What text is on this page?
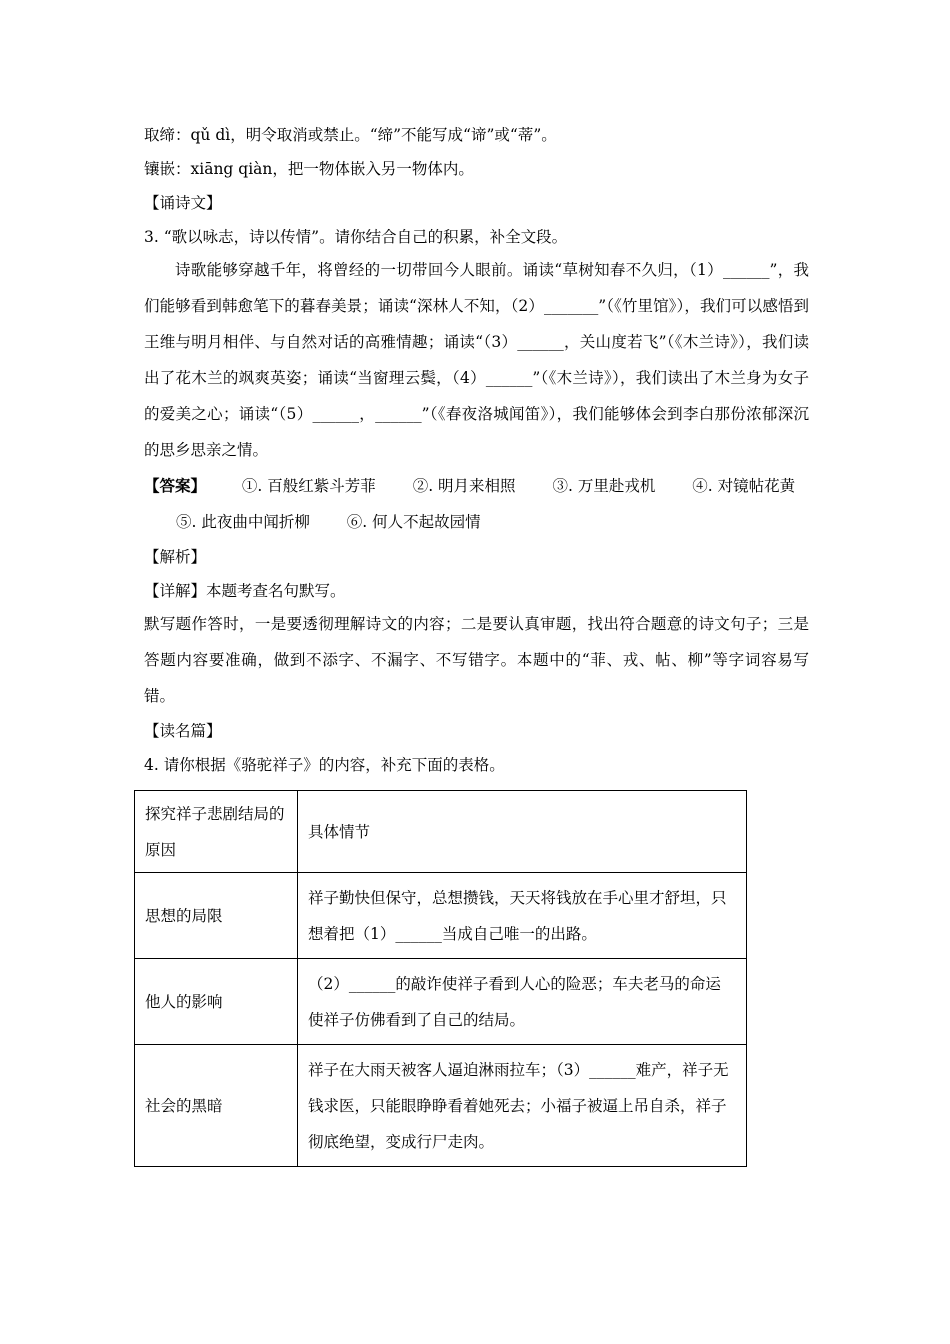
取缔：qǔ dì，明令取消或禁止。“缔”不能写成“谛”或“蒂”。
镶嵌：xiāng qiàn，把一物体嵌入另一物体内。
【诵诗文】
3. “歌以咏志，诗以传情”。请你结合自己的积累，补全文段。
诗歌能够穿越千年，将曾经的一切带回今人眼前。诵读“草树知春不久归，（1）______”，我们能够看到韩愈笔下的暮春美景；诵读“深林人不知，（2）_______”（《竹里馆》），我们可以感悟到王维与明月相伴、与自然对话的高雅情趣；诵读“（3）______，关山度若飞”（《木兰诗》），我们读出了花木兰的飒爽英姿；诵读“当窗理云鬓，（4）______”（《木兰诗》），我们读出了木兰身为女子的爱美之心；诵读“（5）______，______”（《春夜洛城闻笛》），我们能够体会到李白那份浓郁深沉的思乡思亲之情。
【答案】 ①. 百般红紫斗芳菲 ②. 明月来相照 ③. 万里赴戎机 ④. 对镜帖花黄 ⑤. 此夜曲中闻折柳 ⑥. 何人不起故园情
【解析】
【详解】本题考查名句默写。
默写题作答时，一是要透彻理解诗文的内容；二是要认真审题，找出符合题意的诗文句子；三是答题内容要准确，做到不添字、不漏字、不写错字。本题中的“菲、戎、帖、柳”等字词容易写错。
【读名篇】
4. 请你根据《骆驼祥子》的内容，补充下面的表格。
探究祥子悲剧结局的原因	具体情节
思想的局限	祥子勤快但保守，总想攒钱，天天将钱放在手心里才舒坦，只想着把（1）______当成自己唯一的出路。
他人的影响	（2）______的敲诈使祥子看到人心的险恶；车夫老马的命运使祥子仿佛看到了自己的结局。
社会的黑暗	祥子在大雨天被客人逼迫淋雨拉车；（3）______难产，祥子无钱求医，只能眼睁睁看着她死去；小福子被逼上吊自杀，祥子彻底绝望，变成行尸走肉。
